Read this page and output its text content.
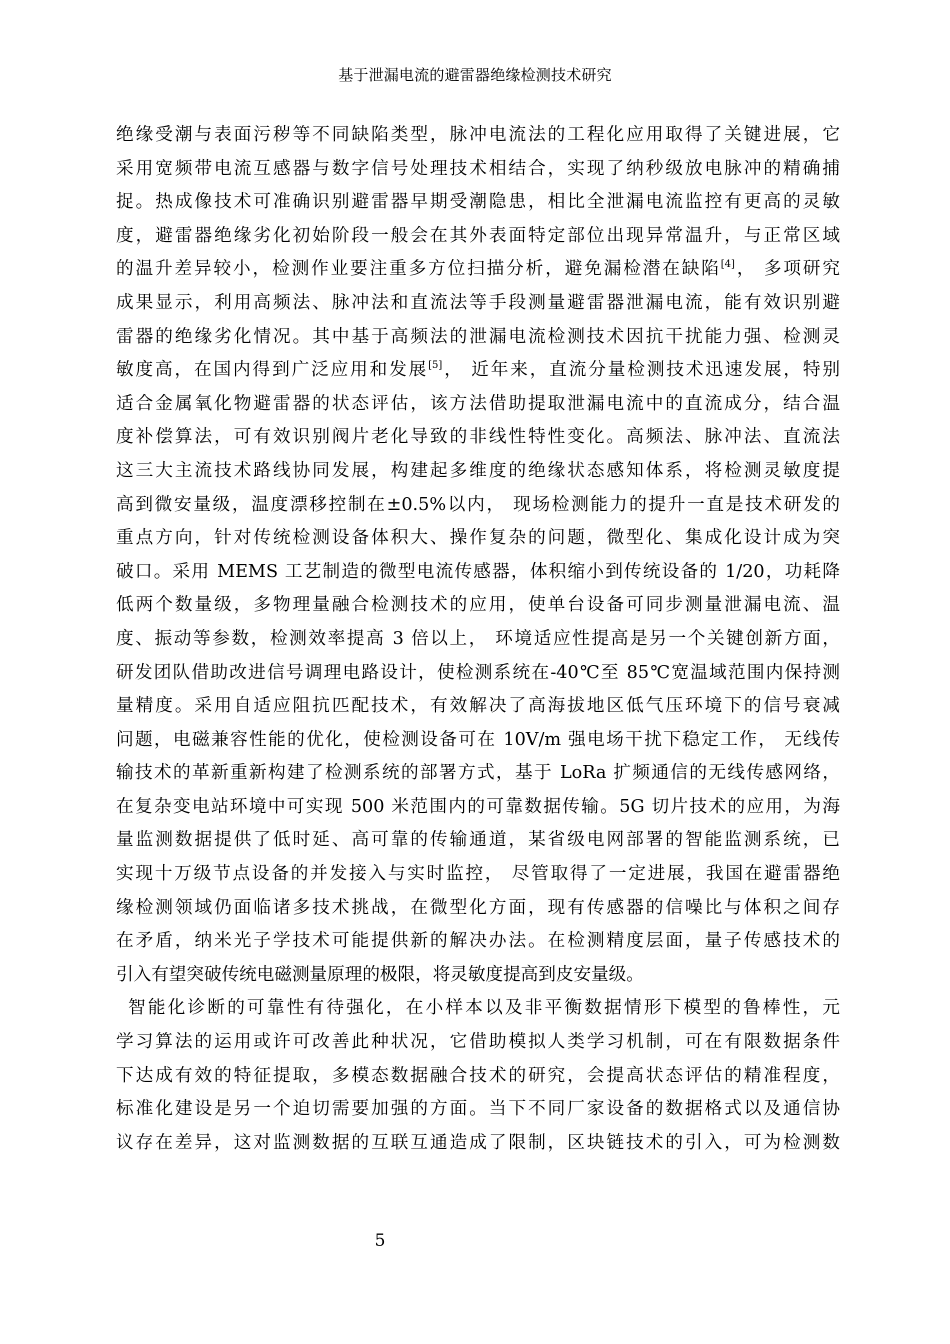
基于泄漏电流的避雷器绝缘检测技术研究
绝缘受潮与表面污秽等不同缺陷类型，脉冲电流法的工程化应用取得了关键进展，它
采用宽频带电流互感器与数字信号处理技术相结合，实现了纳秒级放电脉冲的精确捕
捉。热成像技术可准确识别避雷器早期受潮隐患，相比全泄漏电流监控有更高的灵敏
度，避雷器绝缘劣化初始阶段一般会在其外表面特定部位出现异常温升，与正常区域
的温升差异较小，检测作业要注重多方位扫描分析，避免漏检潜在缺陷[4]， 多项研究
成果显示，利用高频法、脉冲法和直流法等手段测量避雷器泄漏电流，能有效识别避
雷器的绝缘劣化情况。其中基于高频法的泄漏电流检测技术因抗干扰能力强、检测灵
敏度高，在国内得到广泛应用和发展[5]， 近年来，直流分量检测技术迅速发展，特别
适合金属氧化物避雷器的状态评估，该方法借助提取泄漏电流中的直流成分，结合温
度补偿算法，可有效识别阀片老化导致的非线性特性变化。高频法、脉冲法、直流法
这三大主流技术路线协同发展，构建起多维度的绝缘状态感知体系，将检测灵敏度提
高到微安量级，温度漂移控制在±0.5%以内， 现场检测能力的提升一直是技术研发的
重点方向，针对传统检测设备体积大、操作复杂的问题，微型化、集成化设计成为突
破口。采用 MEMS 工艺制造的微型电流传感器，体积缩小到传统设备的 1/20，功耗降
低两个数量级，多物理量融合检测技术的应用，使单台设备可同步测量泄漏电流、温
度、振动等参数，检测效率提高 3 倍以上， 环境适应性提高是另一个关键创新方面，
研发团队借助改进信号调理电路设计，使检测系统在-40℃至 85℃宽温域范围内保持测
量精度。采用自适应阻抗匹配技术，有效解决了高海拔地区低气压环境下的信号衰减
问题，电磁兼容性能的优化，使检测设备可在 10V/m 强电场干扰下稳定工作， 无线传
输技术的革新重新构建了检测系统的部署方式，基于 LoRa 扩频通信的无线传感网络，
在复杂变电站环境中可实现 500 米范围内的可靠数据传输。5G 切片技术的应用，为海
量监测数据提供了低时延、高可靠的传输通道，某省级电网部署的智能监测系统，已
实现十万级节点设备的并发接入与实时监控， 尽管取得了一定进展，我国在避雷器绝
缘检测领域仍面临诸多技术挑战，在微型化方面，现有传感器的信噪比与体积之间存
在矛盾，纳米光子学技术可能提供新的解决办法。在检测精度层面，量子传感技术的
引入有望突破传统电磁测量原理的极限，将灵敏度提高到皮安量级。
智能化诊断的可靠性有待强化，在小样本以及非平衡数据情形下模型的鲁棒性，元
学习算法的运用或许可改善此种状况，它借助模拟人类学习机制，可在有限数据条件
下达成有效的特征提取，多模态数据融合技术的研究，会提高状态评估的精准程度，
标准化建设是另一个迫切需要加强的方面。当下不同厂家设备的数据格式以及通信协
议存在差异，这对监测数据的互联互通造成了限制，区块链技术的引入，可为检测数
5
